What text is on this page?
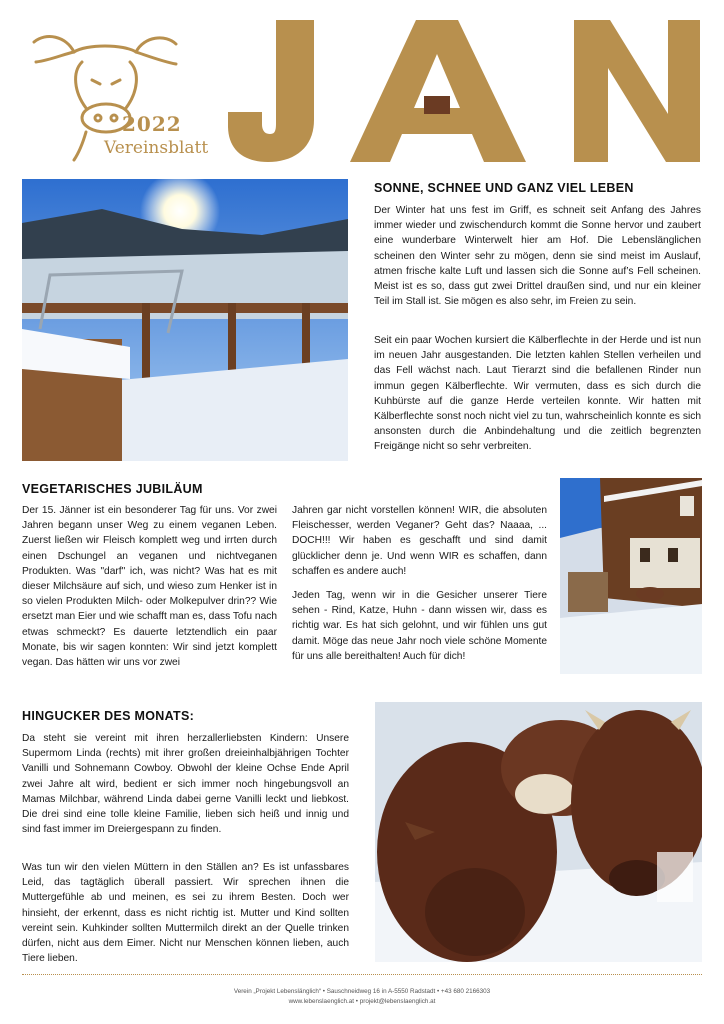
2022
Vereinsblatt
SONNE, SCHNEE UND GANZ VIEL LEBEN

Der Winter hat uns fest im Griff, es schneit seit Anfang des Jahres immer wieder und zwischendurch kommt die Sonne hervor und zaubert eine wunderbare Winterwelt hier am Hof. Die Lebenslänglichen scheinen den Winter sehr zu mögen, denn sie sind meist im Auslauf, atmen frische kalte Luft und lassen sich die Sonne auf’s Fell scheinen. Meist ist es so, dass gut zwei Drittel draußen sind, und nur ein kleiner Teil im Stall ist. Sie mögen es also sehr, im Freien zu sein.

Seit ein paar Wochen kursiert die Kälberflechte in der Herde und ist nun im neuen Jahr ausgestanden. Die letzten kahlen Stellen verheilen und das Fell wächst nach. Laut Tierarzt sind die befallenen Rinder nun immun gegen Kälberflechte. Wir vermuten, dass es sich durch die Kuhbürste auf die ganze Herde verteilen konnte. Wir hatten mit Kälberflechte sonst noch nicht viel zu tun, wahrscheinlich konnte es sich ansonsten durch die Anbindehaltung und die zeitlich begrenzten Freigänge nicht so sehr verbreiten.

VEGETARISCHES JUBILÄUM

Der 15. Jänner ist ein besonderer Tag für uns. Vor zwei Jahren begann unser Weg zu einem veganen Leben. Zuerst ließen wir Fleisch komplett weg und irrten durch einen Dschungel an veganen und nichtveganen Produkten. Was "darf" ich, was nicht? Was hat es mit dieser Milchsäure auf sich, und wieso zum Henker ist in so vielen Produkten Milch- oder Molkepulver drin?? Wie ersetzt man Eier und wie schafft man es, dass Tofu nach etwas schmeckt? Es dauerte letztendlich ein paar Monate, bis wir sagen konnten: Wir sind jetzt komplett vegan. Das hätten wir uns vor zwei

Jahren gar nicht vorstellen können! WIR, die absoluten Fleischesser, werden Veganer? Geht das? Naaaa, ... DOCH!!! Wir haben es geschafft und sind damit glücklicher denn je. Und wenn WIR es schaffen, dann schaffen es andere auch!

Jeden Tag, wenn wir in die Gesicher unserer Tiere sehen - Rind, Katze, Huhn - dann wissen wir, dass es richtig war. Es hat sich gelohnt, und wir fühlen uns gut damit. Möge das neue Jahr noch viele schöne Momente für uns alle bereithalten! Auch für dich!

HINGUCKER DES MONATS:

Da steht sie vereint mit ihren herzallerliebsten Kindern: Unsere Supermom Linda (rechts) mit ihrer großen dreieinhalbjährigen Tochter Vanilli und Sohnemann Cowboy. Obwohl der kleine Ochse Ende April zwei Jahre alt wird, bedient er sich immer noch hingebungsvoll an Mamas Milchbar, während Linda dabei gerne Vanilli leckt und liebkost. Die drei sind eine tolle kleine Familie, lieben sich heiß und innig und sind fast immer im Dreiergespann zu finden.

Was tun wir den vielen Müttern in den Ställen an? Es ist unfassbares Leid, das tagtäglich überall passiert. Wir sprechen ihnen die Muttergefühle ab und meinen, es sei zu ihrem Besten. Doch wer hinsieht, der erkennt, dass es nicht richtig ist. Mutter und Kind sollten vereint sein. Kuhkinder sollten Muttermilch direkt an der Quelle trinken dürfen, nicht aus dem Eimer. Nicht nur Menschen können lieben, auch Tiere lieben.

Verein „Projekt Lebenslänglich“ • Sauschneidweg 16 in A-5550 Radstadt • +43 680 2166303
www.lebenslaenglich.at • projekt@lebenslaenglich.at
